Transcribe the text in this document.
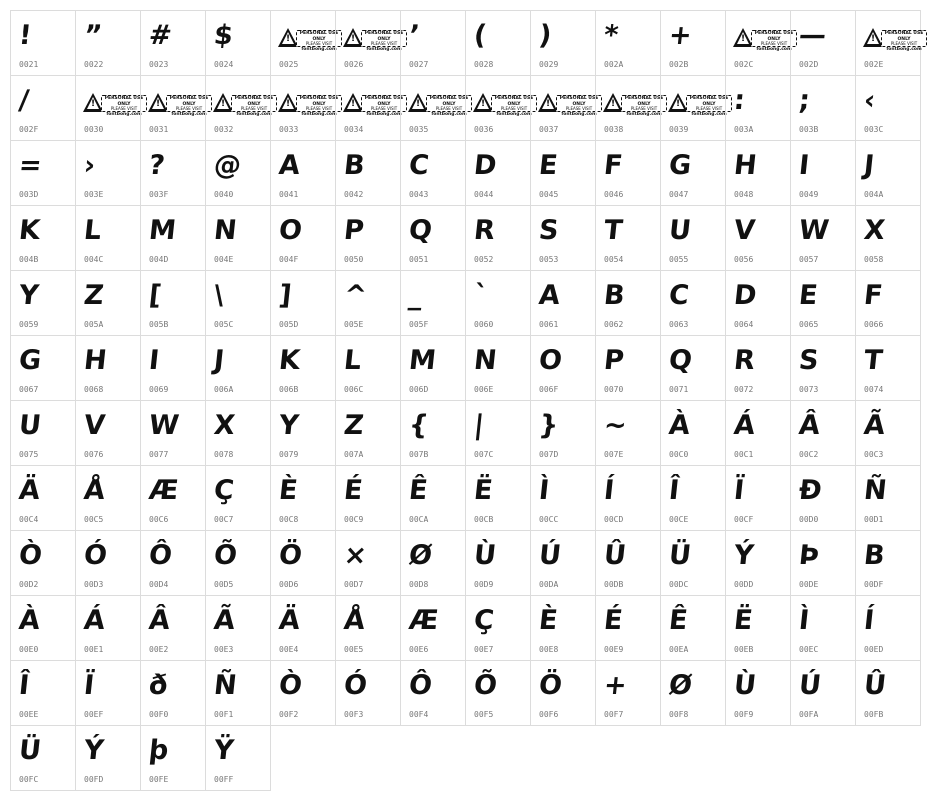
!
0021
”
0022
#
0023
$
0024
!
PERSONAL USE ONLY
PLEASE VISIT
fontbong.com
0025
!
PERSONAL USE ONLY
PLEASE VISIT
fontbong.com
0026
’
0027
(
0028
)
0029
*
002A
+
002B
!
PERSONAL USE ONLY
PLEASE VISIT
fontbong.com
002C
—
002D
!
PERSONAL USE ONLY
PLEASE VISIT
fontbong.com
002E
/
002F
!
PERSONAL USE ONLY
PLEASE VISIT
fontbong.com
0030
!
PERSONAL USE ONLY
PLEASE VISIT
fontbong.com
0031
!
PERSONAL USE ONLY
PLEASE VISIT
fontbong.com
0032
!
PERSONAL USE ONLY
PLEASE VISIT
fontbong.com
0033
!
PERSONAL USE ONLY
PLEASE VISIT
fontbong.com
0034
!
PERSONAL USE ONLY
PLEASE VISIT
fontbong.com
0035
!
PERSONAL USE ONLY
PLEASE VISIT
fontbong.com
0036
!
PERSONAL USE ONLY
PLEASE VISIT
fontbong.com
0037
!
PERSONAL USE ONLY
PLEASE VISIT
fontbong.com
0038
!
PERSONAL USE ONLY
PLEASE VISIT
fontbong.com
0039
:
003A
;
003B
‹
003C
=
003D
›
003E
?
003F
@
0040
A
0041
B
0042
C
0043
D
0044
E
0045
F
0046
G
0047
H
0048
I
0049
J
004A
K
004B
L
004C
M
004D
N
004E
O
004F
P
0050
Q
0051
R
0052
S
0053
T
0054
U
0055
V
0056
W
0057
X
0058
Y
0059
Z
005A
[
005B
\
005C
]
005D
^
005E
_
005F
`
0060
A
0061
B
0062
C
0063
D
0064
E
0065
F
0066
G
0067
H
0068
I
0069
J
006A
K
006B
L
006C
M
006D
N
006E
O
006F
P
0070
Q
0071
R
0072
S
0073
T
0074
U
0075
V
0076
W
0077
X
0078
Y
0079
Z
007A
{
007B
|
007C
}
007D
~
007E
À
00C0
Á
00C1
Â
00C2
Ã
00C3
Ä
00C4
Å
00C5
Æ
00C6
Ç
00C7
È
00C8
É
00C9
Ê
00CA
Ë
00CB
Ì
00CC
Í
00CD
Î
00CE
Ï
00CF
Ð
00D0
Ñ
00D1
Ò
00D2
Ó
00D3
Ô
00D4
Õ
00D5
Ö
00D6
×
00D7
Ø
00D8
Ù
00D9
Ú
00DA
Û
00DB
Ü
00DC
Ý
00DD
Þ
00DE
B
00DF
À
00E0
Á
00E1
Â
00E2
Ã
00E3
Ä
00E4
Å
00E5
Æ
00E6
Ç
00E7
È
00E8
É
00E9
Ê
00EA
Ë
00EB
Ì
00EC
Í
00ED
Î
00EE
Ï
00EF
ð
00F0
Ñ
00F1
Ò
00F2
Ó
00F3
Ô
00F4
Õ
00F5
Ö
00F6
+
00F7
Ø
00F8
Ù
00F9
Ú
00FA
Û
00FB
Ü
00FC
Ý
00FD
þ
00FE
Ÿ
00FF
